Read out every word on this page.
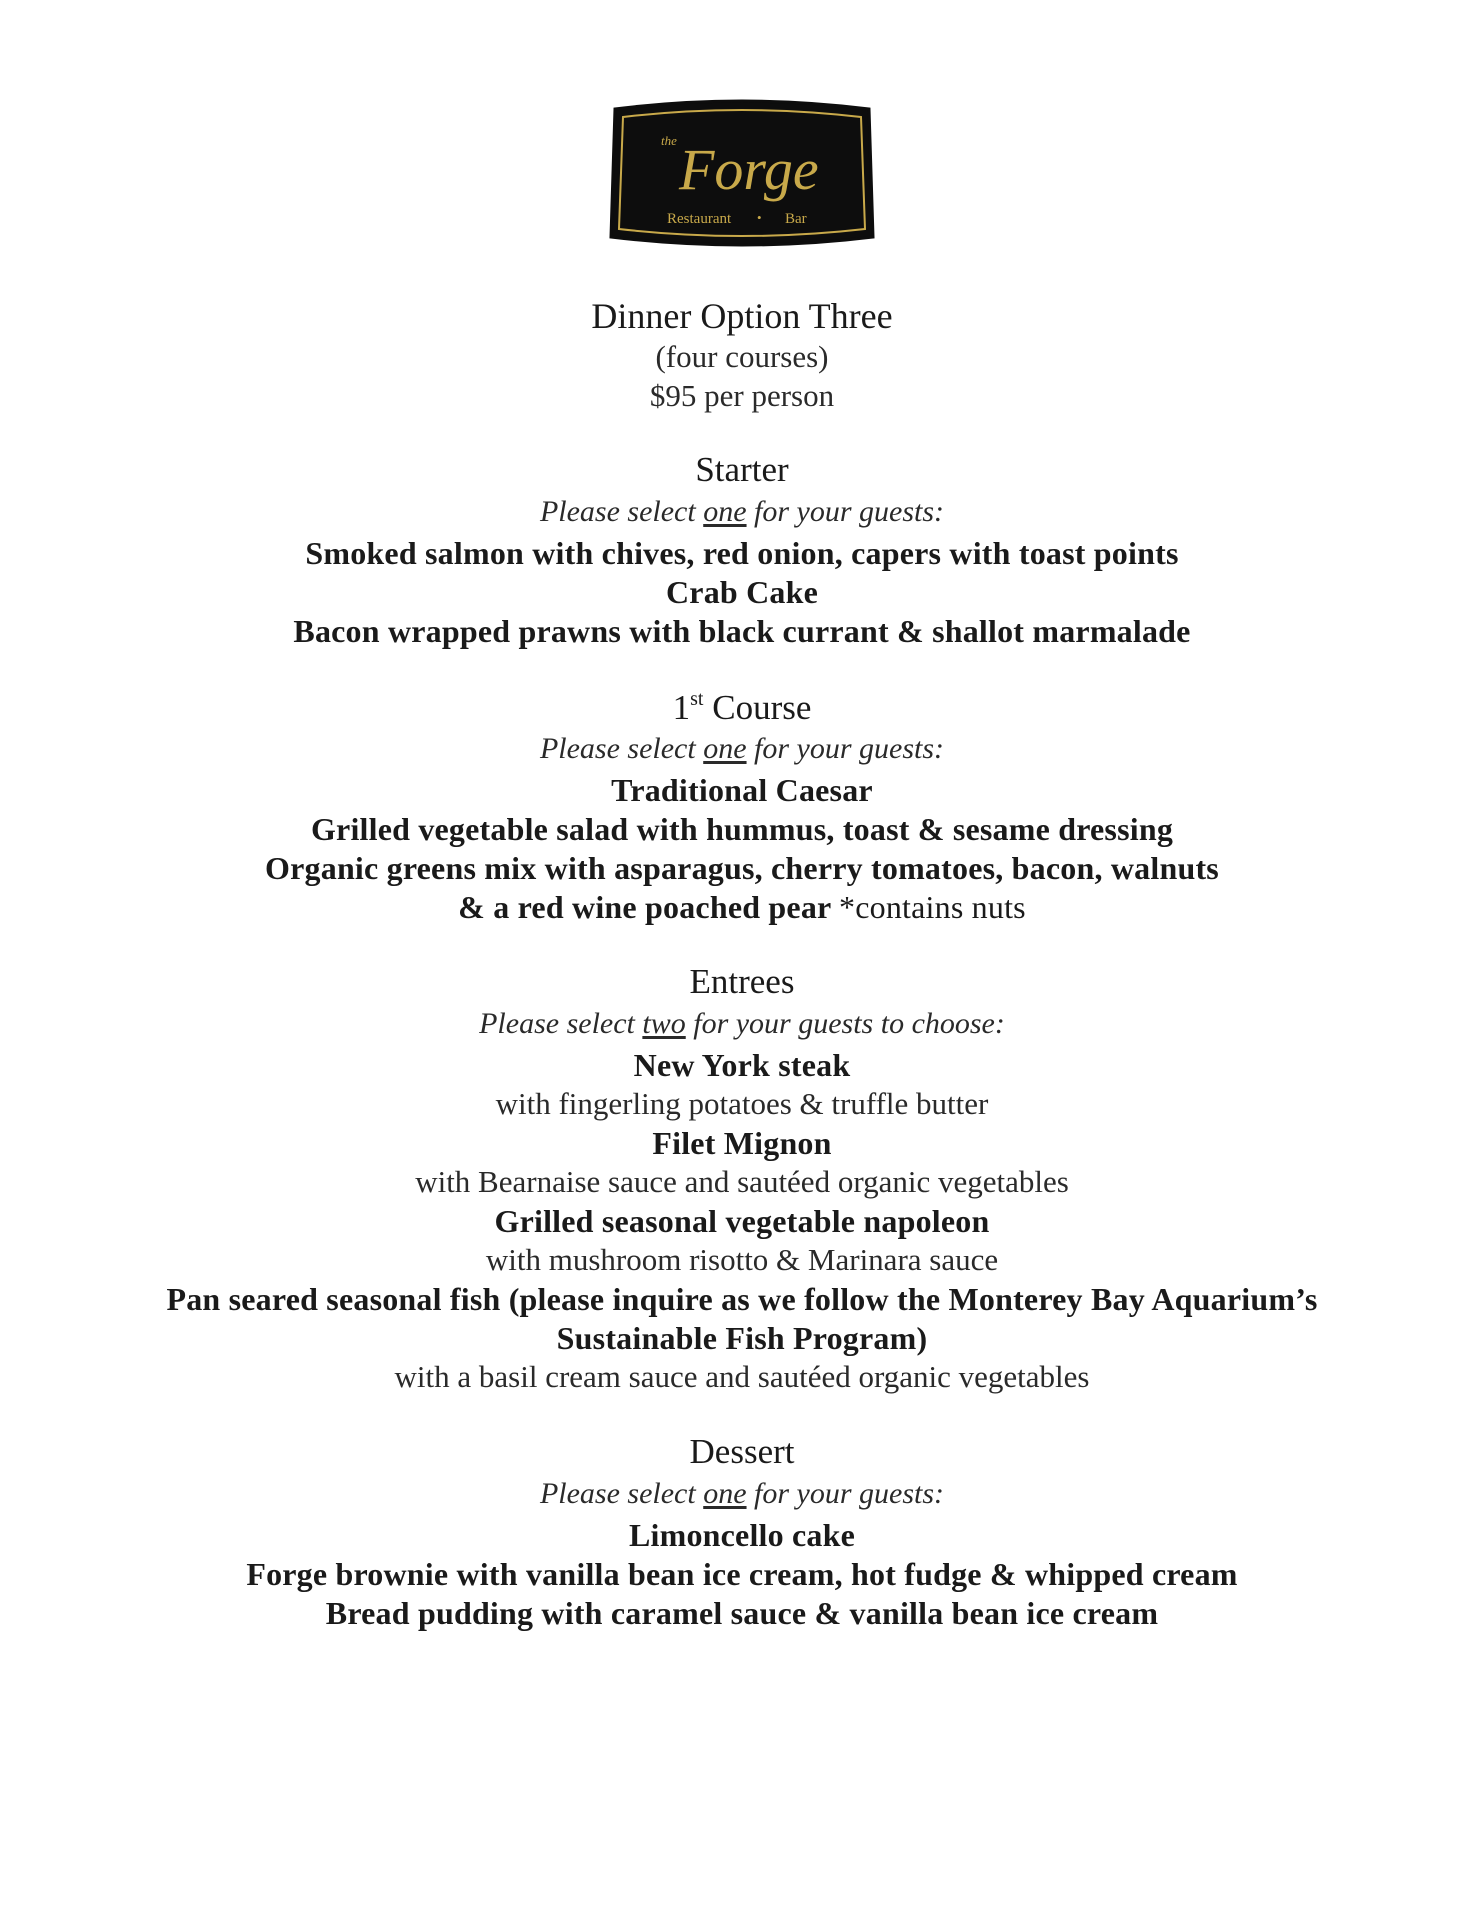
the Forge
Restaurant • Bar
Dinner Option Three
(four courses)
$95 per person
Starter
Please select one for your guests:
Smoked salmon with chives, red onion, capers with toast points
Crab Cake
Bacon wrapped prawns with black currant & shallot marmalade
1st Course
Please select one for your guests:
Traditional Caesar
Grilled vegetable salad with hummus, toast & sesame dressing
Organic greens mix with asparagus, cherry tomatoes, bacon, walnuts
& a red wine poached pear *contains nuts
Entrees
Please select two for your guests to choose:
New York steak
with fingerling potatoes & truffle butter
Filet Mignon
with Bearnaise sauce and sautéed organic vegetables
Grilled seasonal vegetable napoleon
with mushroom risotto & Marinara sauce
Pan seared seasonal fish (please inquire as we follow the Monterey Bay Aquarium’s
Sustainable Fish Program)
with a basil cream sauce and sautéed organic vegetables
Dessert
Please select one for your guests:
Limoncello cake
Forge brownie with vanilla bean ice cream, hot fudge & whipped cream
Bread pudding with caramel sauce & vanilla bean ice cream
